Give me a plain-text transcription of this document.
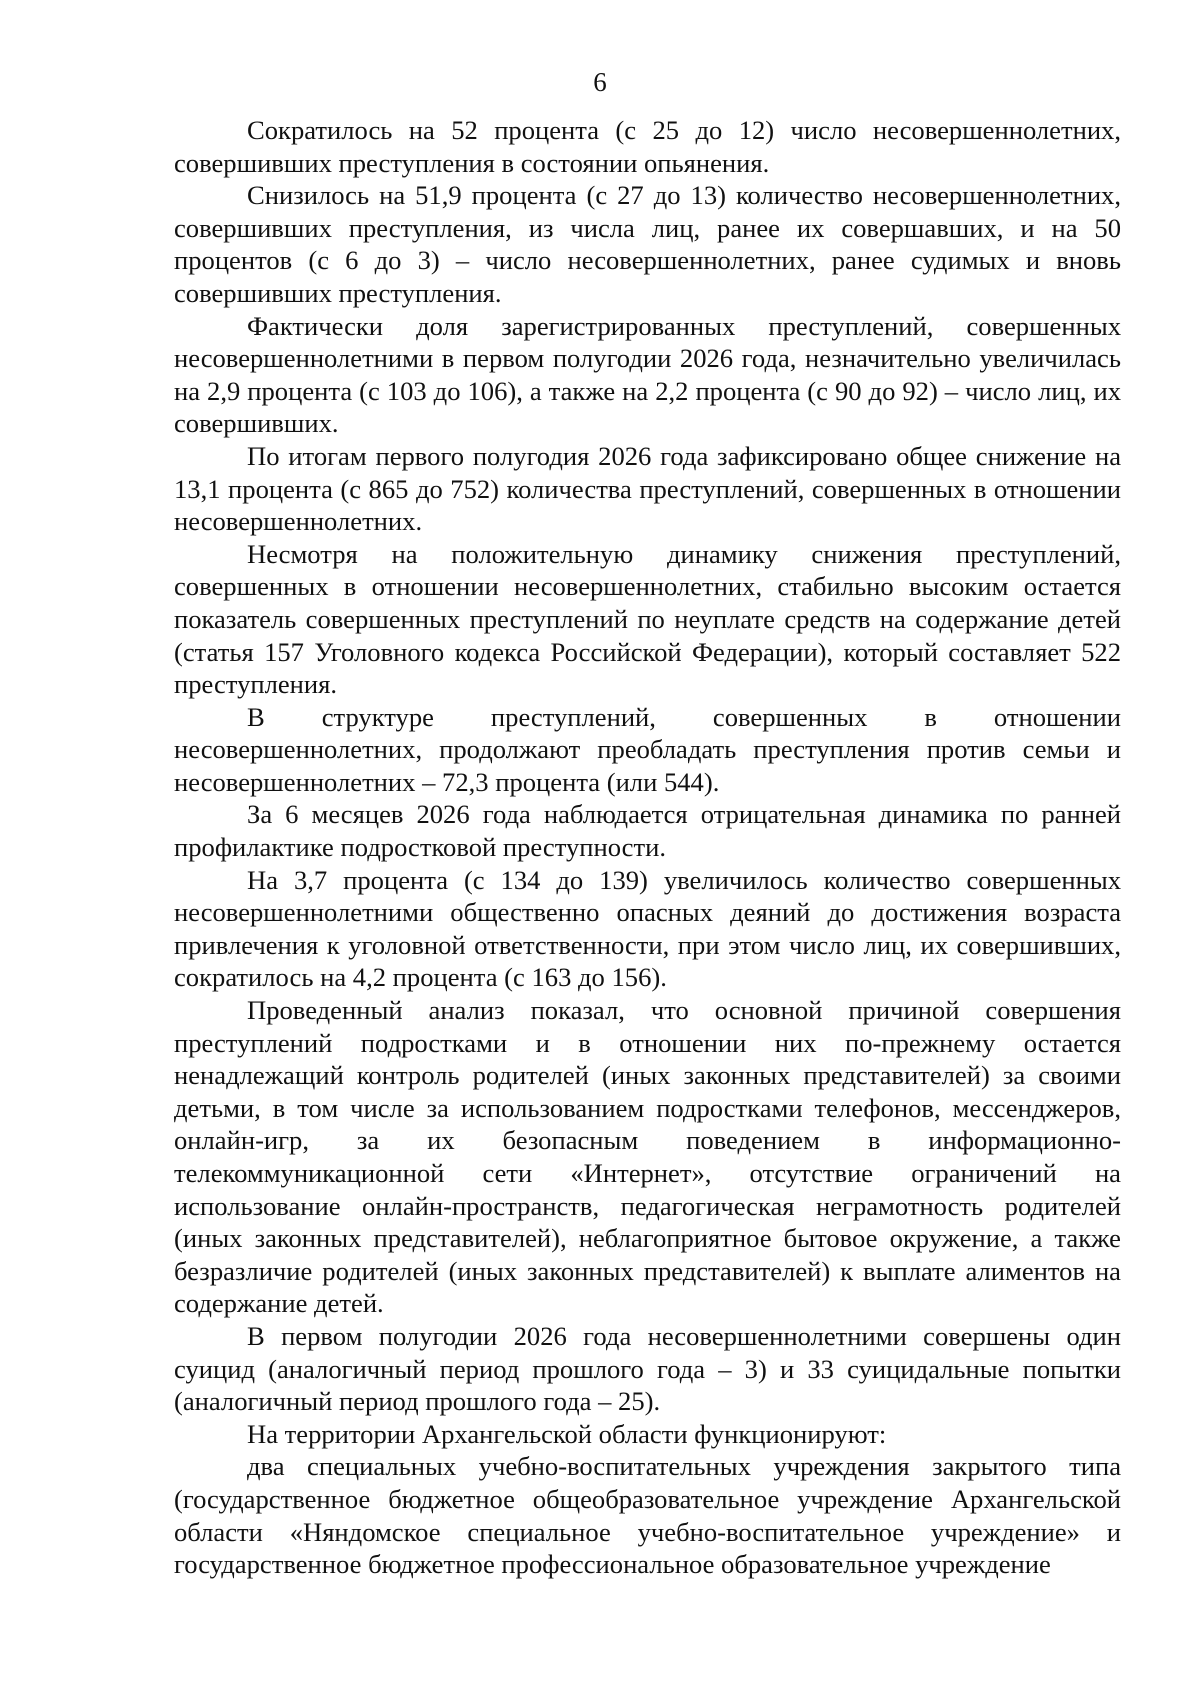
6

Сократилось на 52 процента (с 25 до 12) число несовершеннолетних, совершивших преступления в состоянии опьянения.

Снизилось на 51,9 процента (с 27 до 13) количество несовершеннолетних, совершивших преступления, из числа лиц, ранее их совершавших, и на 50 процентов (с 6 до 3) – число несовершеннолетних, ранее судимых и вновь совершивших преступления.

Фактически доля зарегистрированных преступлений, совершенных несовершеннолетними в первом полугодии 2026 года, незначительно увеличилась на 2,9 процента (с 103 до 106), а также на 2,2 процента (с 90 до 92) – число лиц, их совершивших.

По итогам первого полугодия 2026 года зафиксировано общее снижение на 13,1 процента (с 865 до 752) количества преступлений, совершенных в отношении несовершеннолетних.

Несмотря на положительную динамику снижения преступлений, совершенных в отношении несовершеннолетних, стабильно высоким остается показатель совершенных преступлений по неуплате средств на содержание детей (статья 157 Уголовного кодекса Российской Федерации), который составляет 522 преступления.

В структуре преступлений, совершенных в отношении несовершеннолетних, продолжают преобладать преступления против семьи и несовершеннолетних – 72,3 процента (или 544).

За 6 месяцев 2026 года наблюдается отрицательная динамика по ранней профилактике подростковой преступности.

На 3,7 процента (с 134 до 139) увеличилось количество совершенных несовершеннолетними общественно опасных деяний до достижения возраста привлечения к уголовной ответственности, при этом число лиц, их совершивших, сократилось на 4,2 процента (с 163 до 156).

Проведенный анализ показал, что основной причиной совершения преступлений подростками и в отношении них по-прежнему остается ненадлежащий контроль родителей (иных законных представителей) за своими детьми, в том числе за использованием подростками телефонов, мессенджеров, онлайн-игр, за их безопасным поведением в информационно-телекоммуникационной сети «Интернет», отсутствие ограничений на использование онлайн-пространств, педагогическая неграмотность родителей (иных законных представителей), неблагоприятное бытовое окружение, а также безразличие родителей (иных законных представителей) к выплате алиментов на содержание детей.

В первом полугодии 2026 года несовершеннолетними совершены один суицид (аналогичный период прошлого года – 3) и 33 суицидальные попытки (аналогичный период прошлого года – 25).

На территории Архангельской области функционируют:

два специальных учебно-воспитательных учреждения закрытого типа (государственное бюджетное общеобразовательное учреждение Архангельской области «Няндомское специальное учебно-воспитательное учреждение» и государственное бюджетное профессиональное образовательное учреждение
